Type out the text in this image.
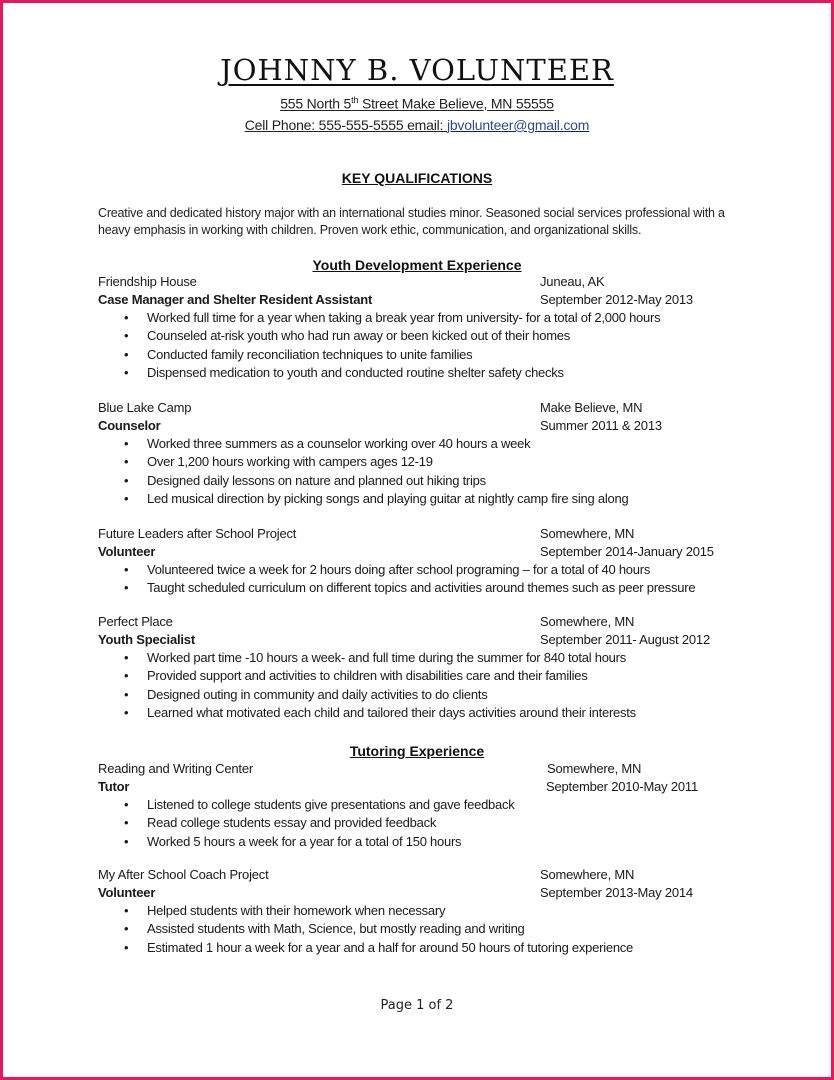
JOHNNY B. VOLUNTEER
555 North 5th Street Make Believe, MN 55555
Cell Phone: 555-555-5555 email: jbvolunteer@gmail.com
KEY QUALIFICATIONS
Creative and dedicated history major with an international studies minor. Seasoned social services professional with a heavy emphasis in working with children. Proven work ethic, communication, and organizational skills.
Youth Development Experience
Friendship House	Juneau, AK
Case Manager and Shelter Resident Assistant	September 2012-May 2013
• Worked full time for a year when taking a break year from university- for a total of 2,000 hours
• Counseled at-risk youth who had run away or been kicked out of their homes
• Conducted family reconciliation techniques to unite families
• Dispensed medication to youth and conducted routine shelter safety checks
Blue Lake Camp	Make Believe, MN
Counselor	Summer 2011 & 2013
• Worked three summers as a counselor working over 40 hours a week
• Over 1,200 hours working with campers ages 12-19
• Designed daily lessons on nature and planned out hiking trips
• Led musical direction by picking songs and playing guitar at nightly camp fire sing along
Future Leaders after School Project	Somewhere, MN
Volunteer	September 2014-January 2015
• Volunteered twice a week for 2 hours doing after school programing – for a total of 40 hours
• Taught scheduled curriculum on different topics and activities around themes such as peer pressure
Perfect Place	Somewhere, MN
Youth Specialist	September 2011- August 2012
• Worked part time -10 hours a week- and full time during the summer for 840 total hours
• Provided support and activities to children with disabilities care and their families
• Designed outing in community and daily activities to do clients
• Learned what motivated each child and tailored their days activities around their interests
Tutoring Experience
Reading and Writing Center	Somewhere, MN
Tutor	September 2010-May 2011
• Listened to college students give presentations and gave feedback
• Read college students essay and provided feedback
• Worked 5 hours a week for a year for a total of 150 hours
My After School Coach Project	Somewhere, MN
Volunteer	September 2013-May 2014
• Helped students with their homework when necessary
• Assisted students with Math, Science, but mostly reading and writing
• Estimated 1 hour a week for a year and a half for around 50 hours of tutoring experience
Page 1 of 2
